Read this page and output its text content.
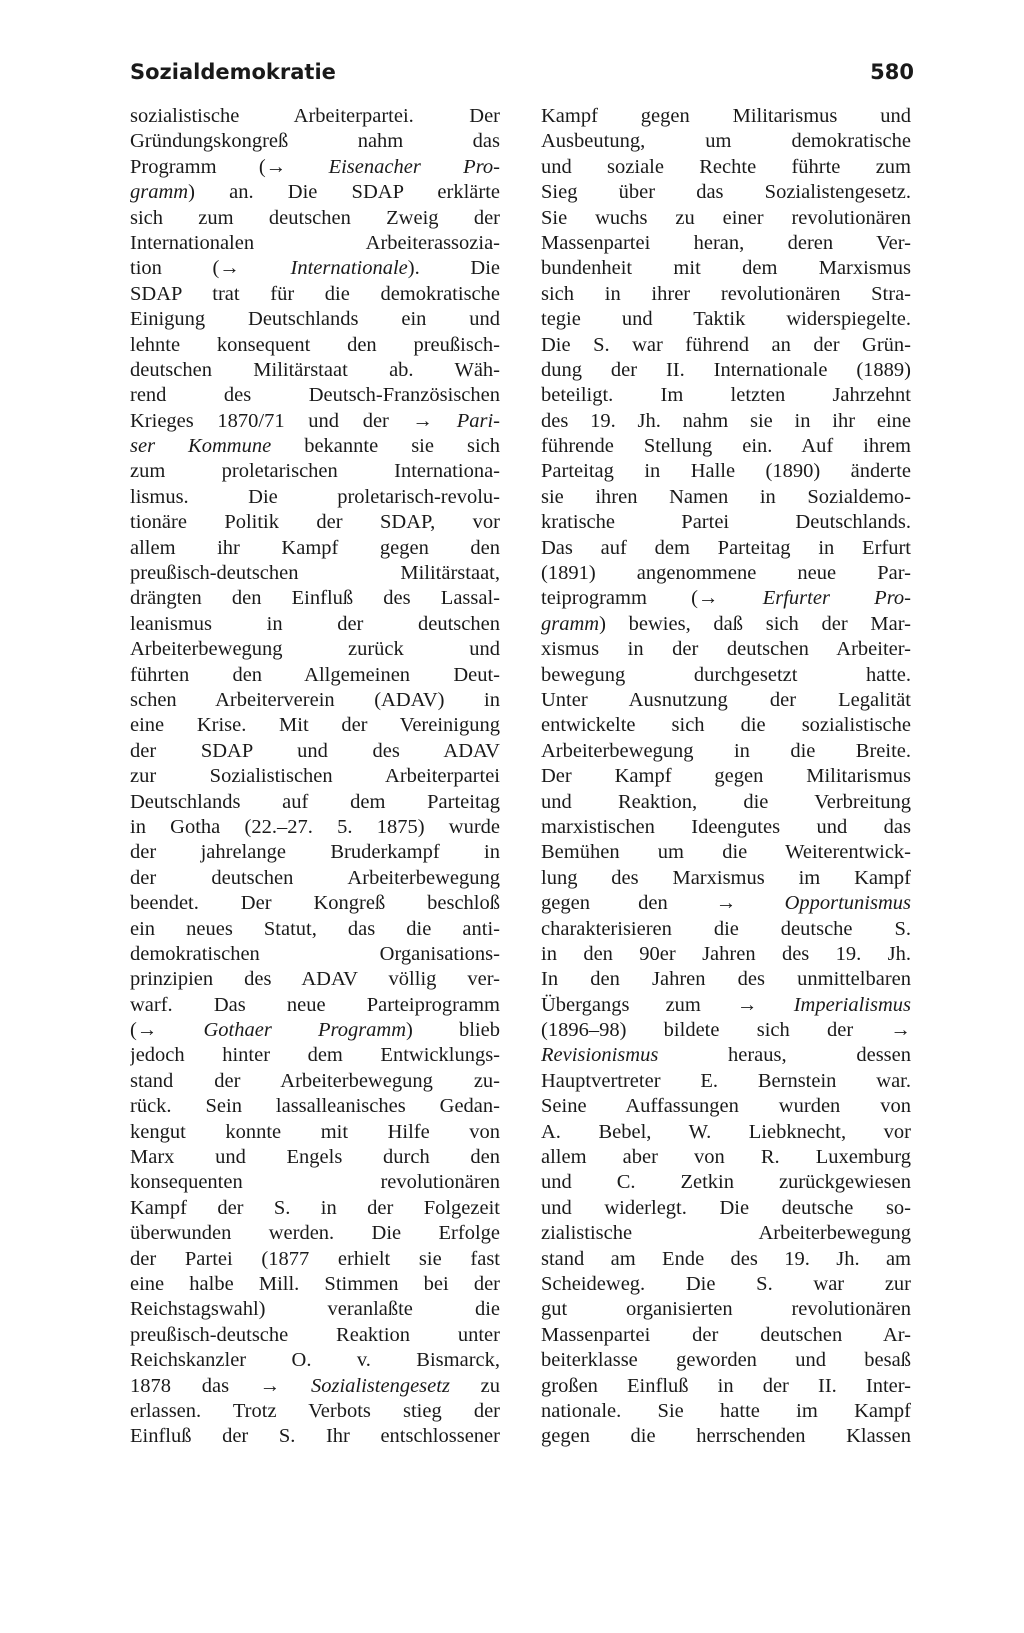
Sozialdemokratie	580
sozialistische Arbeiterpartei. Der
Gründungskongreß nahm das
Programm (→ Eisenacher Pro-
gramm) an. Die SDAP erklärte
sich zum deutschen Zweig der
Internationalen Arbeiterassozia-
tion (→ Internationale). Die
SDAP trat für die demokratische
Einigung Deutschlands ein und
lehnte konsequent den preußisch-
deutschen Militärstaat ab. Wäh-
rend des Deutsch-Französischen
Krieges 1870/71 und der → Pari-
ser Kommune bekannte sie sich
zum proletarischen Internationa-
lismus. Die proletarisch-revolu-
tionäre Politik der SDAP, vor
allem ihr Kampf gegen den
preußisch-deutschen Militärstaat,
drängten den Einfluß des Lassal-
leanismus in der deutschen
Arbeiterbewegung zurück und
führten den Allgemeinen Deut-
schen Arbeiterverein (ADAV) in
eine Krise. Mit der Vereinigung
der SDAP und des ADAV
zur Sozialistischen Arbeiterpartei
Deutschlands auf dem Parteitag
in Gotha (22.–27. 5. 1875) wurde
der jahrelange Bruderkampf in
der deutschen Arbeiterbewegung
beendet. Der Kongreß beschloß
ein neues Statut, das die anti-
demokratischen Organisations-
prinzipien des ADAV völlig ver-
warf. Das neue Parteiprogramm
(→ Gothaer Programm) blieb
jedoch hinter dem Entwicklungs-
stand der Arbeiterbewegung zu-
rück. Sein lassalleanisches Gedan-
kengut konnte mit Hilfe von
Marx und Engels durch den
konsequenten revolutionären
Kampf der S. in der Folgezeit
überwunden werden. Die Erfolge
der Partei (1877 erhielt sie fast
eine halbe Mill. Stimmen bei der
Reichstagswahl) veranlaßte die
preußisch-deutsche Reaktion unter
Reichskanzler O. v. Bismarck,
1878 das → Sozialistengesetz zu
erlassen. Trotz Verbots stieg der
Einfluß der S. Ihr entschlossener
Kampf gegen Militarismus und
Ausbeutung, um demokratische
und soziale Rechte führte zum
Sieg über das Sozialistengesetz.
Sie wuchs zu einer revolutionären
Massenpartei heran, deren Ver-
bundenheit mit dem Marxismus
sich in ihrer revolutionären Stra-
tegie und Taktik widerspiegelte.
Die S. war führend an der Grün-
dung der II. Internationale (1889)
beteiligt. Im letzten Jahrzehnt
des 19. Jh. nahm sie in ihr eine
führende Stellung ein. Auf ihrem
Parteitag in Halle (1890) änderte
sie ihren Namen in Sozialdemo-
kratische Partei Deutschlands.
Das auf dem Parteitag in Erfurt
(1891) angenommene neue Par-
teiprogramm (→ Erfurter Pro-
gramm) bewies, daß sich der Mar-
xismus in der deutschen Arbeiter-
bewegung durchgesetzt hatte.
Unter Ausnutzung der Legalität
entwickelte sich die sozialistische
Arbeiterbewegung in die Breite.
Der Kampf gegen Militarismus
und Reaktion, die Verbreitung
marxistischen Ideengutes und das
Bemühen um die Weiterentwick-
lung des Marxismus im Kampf
gegen den → Opportunismus
charakterisieren die deutsche S.
in den 90er Jahren des 19. Jh.
In den Jahren des unmittelbaren
Übergangs zum → Imperialismus
(1896–98) bildete sich der →
Revisionismus heraus, dessen
Hauptvertreter E. Bernstein war.
Seine Auffassungen wurden von
A. Bebel, W. Liebknecht, vor
allem aber von R. Luxemburg
und C. Zetkin zurückgewiesen
und widerlegt. Die deutsche so-
zialistische Arbeiterbewegung
stand am Ende des 19. Jh. am
Scheideweg. Die S. war zur
gut organisierten revolutionären
Massenpartei der deutschen Ar-
beiterklasse geworden und besaß
großen Einfluß in der II. Inter-
nationale. Sie hatte im Kampf
gegen die herrschenden Klassen
